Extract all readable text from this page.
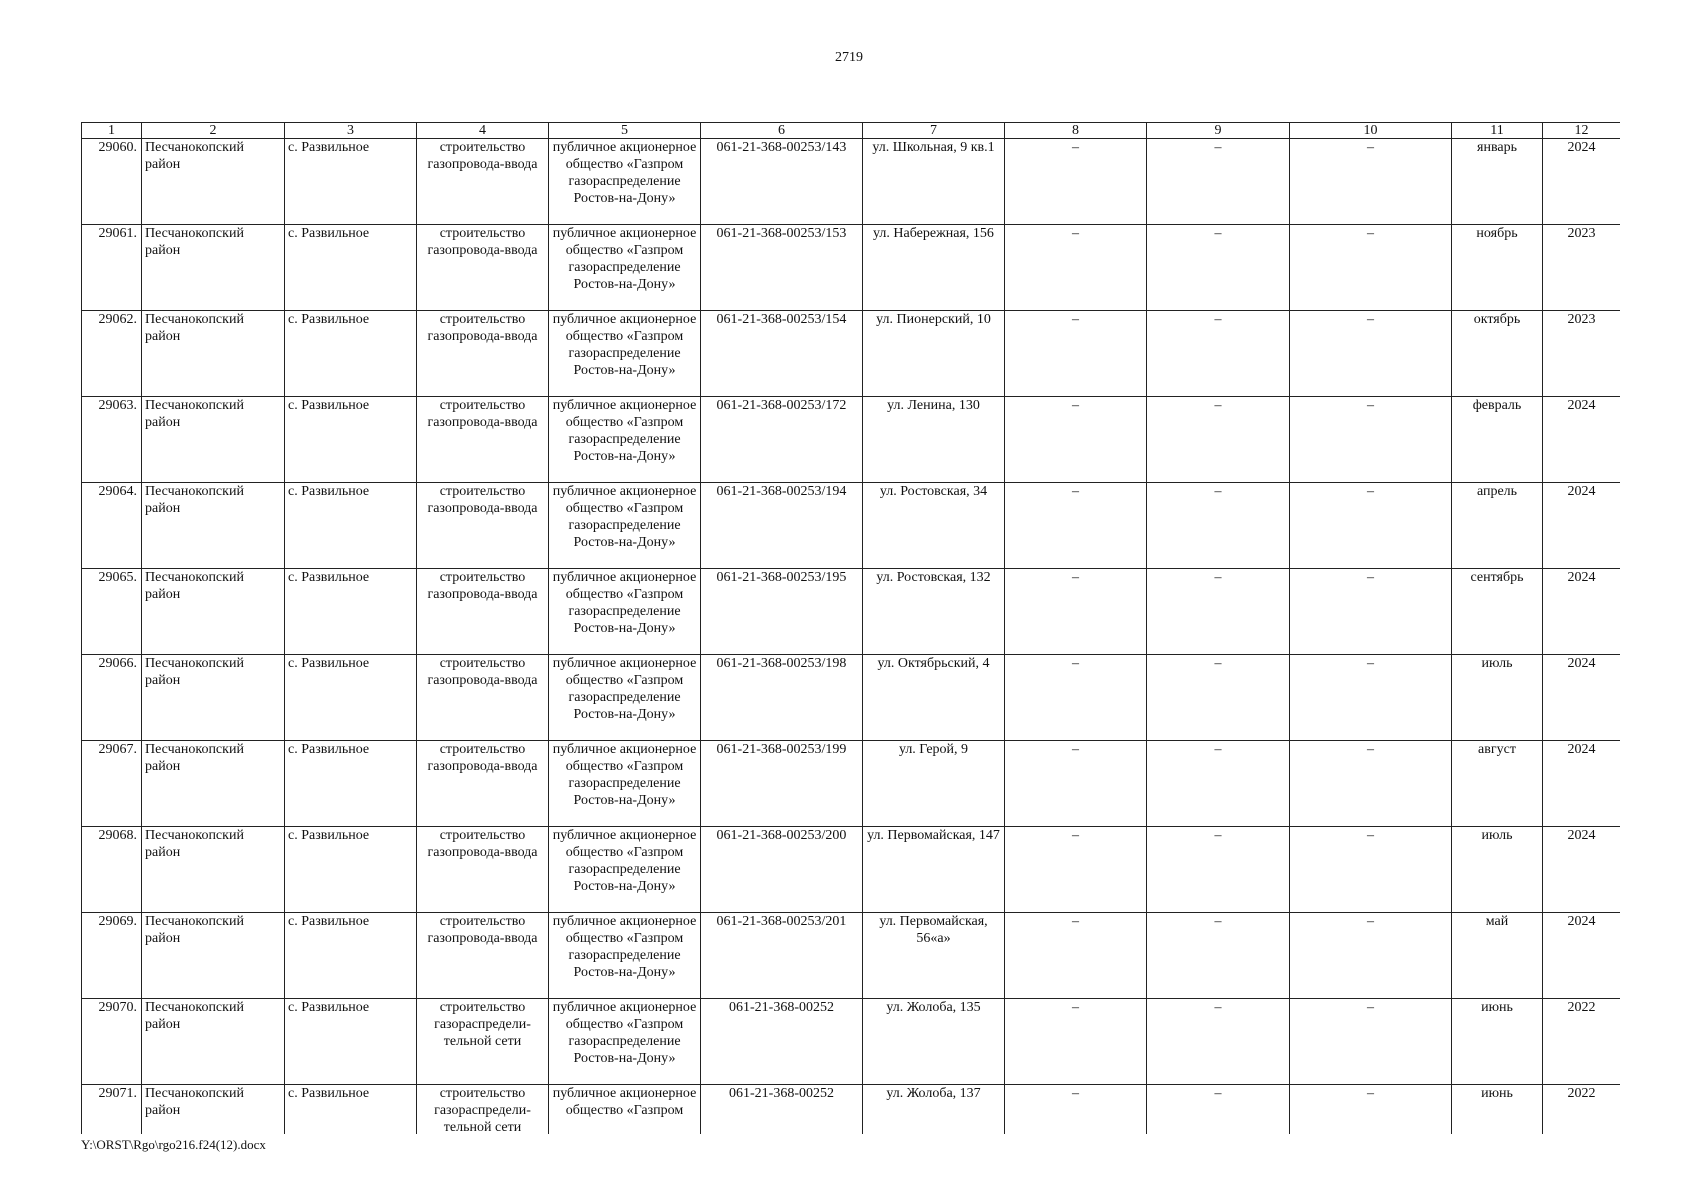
2719
1	2	3	4	5	6	7	8	9	10	11	12
29060.	Песчанокопский район	с. Развильное	строительство газопровода-ввода	публичное акционерное общество «Газпром газораспределение Ростов-на-Дону»	061-21-368-00253/143	ул. Школьная, 9 кв.1	–	–	–	январь	2024
29061.	Песчанокопский район	с. Развильное	строительство газопровода-ввода	публичное акционерное общество «Газпром газораспределение Ростов-на-Дону»	061-21-368-00253/153	ул. Набережная, 156	–	–	–	ноябрь	2023
29062.	Песчанокопский район	с. Развильное	строительство газопровода-ввода	публичное акционерное общество «Газпром газораспределение Ростов-на-Дону»	061-21-368-00253/154	ул. Пионерский, 10	–	–	–	октябрь	2023
29063.	Песчанокопский район	с. Развильное	строительство газопровода-ввода	публичное акционерное общество «Газпром газораспределение Ростов-на-Дону»	061-21-368-00253/172	ул. Ленина, 130	–	–	–	февраль	2024
29064.	Песчанокопский район	с. Развильное	строительство газопровода-ввода	публичное акционерное общество «Газпром газораспределение Ростов-на-Дону»	061-21-368-00253/194	ул. Ростовская, 34	–	–	–	апрель	2024
29065.	Песчанокопский район	с. Развильное	строительство газопровода-ввода	публичное акционерное общество «Газпром газораспределение Ростов-на-Дону»	061-21-368-00253/195	ул. Ростовская, 132	–	–	–	сентябрь	2024
29066.	Песчанокопский район	с. Развильное	строительство газопровода-ввода	публичное акционерное общество «Газпром газораспределение Ростов-на-Дону»	061-21-368-00253/198	ул. Октябрьский, 4	–	–	–	июль	2024
29067.	Песчанокопский район	с. Развильное	строительство газопровода-ввода	публичное акционерное общество «Газпром газораспределение Ростов-на-Дону»	061-21-368-00253/199	ул. Герой, 9	–	–	–	август	2024
29068.	Песчанокопский район	с. Развильное	строительство газопровода-ввода	публичное акционерное общество «Газпром газораспределение Ростов-на-Дону»	061-21-368-00253/200	ул. Первомайская, 147	–	–	–	июль	2024
29069.	Песчанокопский район	с. Развильное	строительство газопровода-ввода	публичное акционерное общество «Газпром газораспределение Ростов-на-Дону»	061-21-368-00253/201	ул. Первомайская, 56«а»	–	–	–	май	2024
29070.	Песчанокопский район	с. Развильное	строительство газораспредели-тельной сети	публичное акционерное общество «Газпром газораспределение Ростов-на-Дону»	061-21-368-00252	ул. Жолоба, 135	–	–	–	июнь	2022
29071.	Песчанокопский район	с. Развильное	строительство газораспредели-тельной сети	публичное акционерное общество «Газпром	061-21-368-00252	ул. Жолоба, 137	–	–	–	июнь	2022
Y:\ORST\Rgo\rgo216.f24(12).docx
